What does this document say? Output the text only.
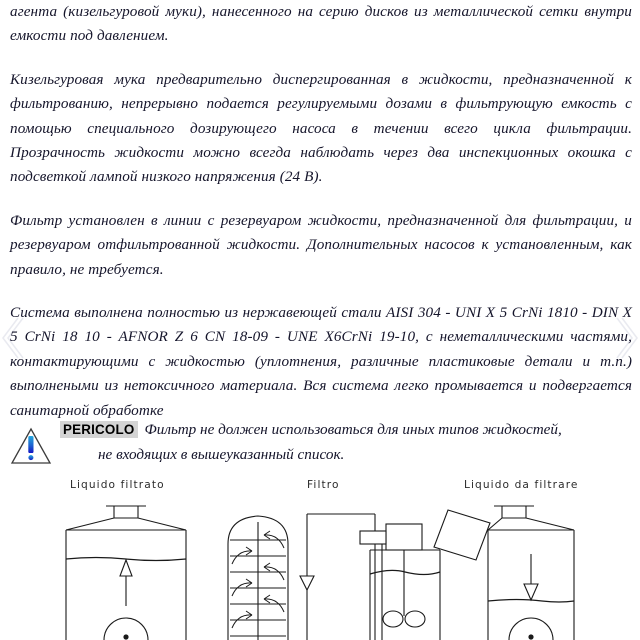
агента (кизельгуровой муки), нанесенного на серию дисков из металлической сетки внутри емкости под давлением.

Кизельгуровая мука предварительно диспергированная в жидкости, предназначенной к фильтрованию, непрерывно подается регулируемыми дозами в фильтрующую емкость с помощью специального дозирующего насоса в течении всего цикла фильтрации. Прозрачность жидкости можно всегда наблюдать через два инспекционных окошка с подсветкой лампой низкого напряжения (24 В).

Фильтр установлен в линии с резервуаром жидкости, предназначенной для фильтрации, и резервуаром отфильтрованной жидкости. Дополнительных насосов к установленным, как правило, не требуется.

Система выполнена полностью из нержавеющей стали AISI 304 - UNI X 5 CrNi 1810 - DIN X 5 CrNi 18 10 - AFNOR Z 6 CN 18-09 - UNE X6CrNi 19-10, с неметаллическими частями, контактирующими с жидкостью (уплотнения, различные пластиковые детали и т.п.) выполнеными из нетоксичного материала. Вся система легко промывается и подвергается санитарной обработке

PERICOLO Фильтр не должен использоваться для иных типов жидкостей,
не входящих в вышеуказанный список.
Liquido filtrato	Filtro	Liquido da filtrare
